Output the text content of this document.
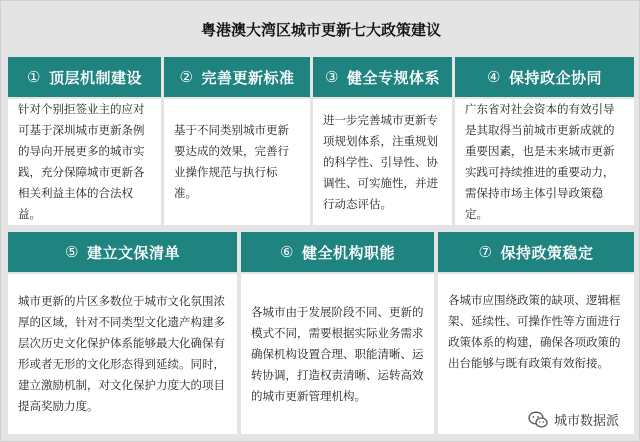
粤港澳大湾区城市更新七大政策建议
① 顶层机制建设

针对个别拒签业主的应对可基于深圳城市更新条例的导向开展更多的城市实践，充分保障城市更新各相关利益主体的合法权益。

② 完善更新标准

基于不同类别城市更新要达成的效果，完善行业操作规范与执行标准。

③ 健全专规体系

进一步完善城市更新专项规划体系，注重规划的科学性、引导性、协调性、可实施性，并进行动态评估。

④ 保持政企协同

广东省对社会资本的有效引导是其取得当前城市更新成就的重要因素，也是未来城市更新实践可持续推进的重要动力，需保持市场主体引导政策稳定。

⑤ 建立文保清单

城市更新的片区多数位于城市文化氛围浓厚的区域，针对不同类型文化遗产构建多层次历史文化保护体系能够最大化确保有形或者无形的文化形态得到延续。同时，建立激励机制，对文化保护力度大的项目提高奖励力度。

⑥ 健全机构职能

各城市由于发展阶段不同、更新的模式不同，需要根据实际业务需求确保机构设置合理、职能清晰、运转协调，打造权责清晰、运转高效的城市更新管理机构。

⑦ 保持政策稳定

各城市应围绕政策的缺项、逻辑框架、延续性、可操作性等方面进行政策体系的构建，确保各项政策的出台能够与既有政策有效衔接。

城市数据派
